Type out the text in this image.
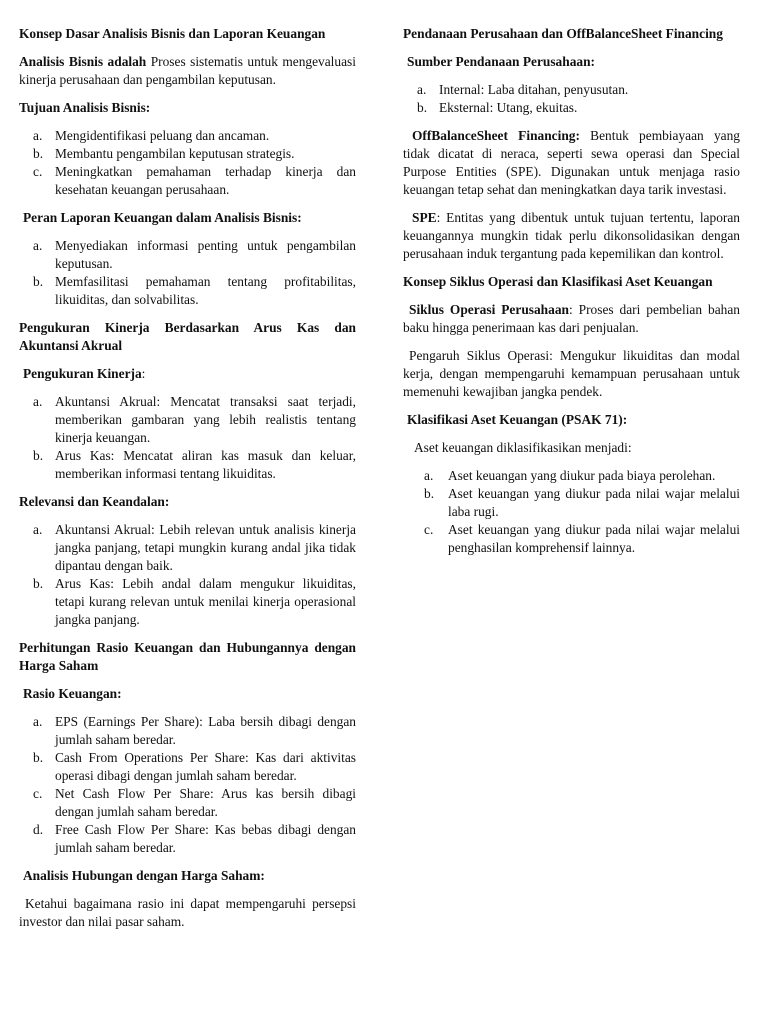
Konsep Dasar Analisis Bisnis dan Laporan Keuangan

Analisis Bisnis adalah Proses sistematis untuk mengevaluasi kinerja perusahaan dan pengambilan keputusan.

Tujuan Analisis Bisnis:
a. Mengidentifikasi peluang dan ancaman.
b. Membantu pengambilan keputusan strategis.
c. Meningkatkan pemahaman terhadap kinerja dan kesehatan keuangan perusahaan.
Peran Laporan Keuangan dalam Analisis Bisnis:
a. Menyediakan informasi penting untuk pengambilan keputusan.
b. Memfasilitasi pemahaman tentang profitabilitas, likuiditas, dan solvabilitas.
Pengukuran Kinerja Berdasarkan Arus Kas dan Akuntansi Akrual

Pengukuran Kinerja:

a. Akuntansi Akrual: Mencatat transaksi saat terjadi, memberikan gambaran yang lebih realistis tentang kinerja keuangan.
b. Arus Kas: Mencatat aliran kas masuk dan keluar, memberikan informasi tentang likuiditas.
Relevansi dan Keandalan:
a. Akuntansi Akrual: Lebih relevan untuk analisis kinerja jangka panjang, tetapi mungkin kurang andal jika tidak dipantau dengan baik.
b. Arus Kas: Lebih andal dalam mengukur likuiditas, tetapi kurang relevan untuk menilai kinerja operasional jangka panjang.
Perhitungan Rasio Keuangan dan Hubungannya dengan Harga Saham
Rasio Keuangan:
a. EPS (Earnings Per Share): Laba bersih dibagi dengan jumlah saham beredar.
b. Cash From Operations Per Share: Kas dari aktivitas operasi dibagi dengan jumlah saham beredar.
c. Net Cash Flow Per Share: Arus kas bersih dibagi dengan jumlah saham beredar.
d. Free Cash Flow Per Share: Kas bebas dibagi dengan jumlah saham beredar.
Analisis Hubungan dengan Harga Saham:

Ketahui bagaimana rasio ini dapat mempengaruhi persepsi investor dan nilai pasar saham.

Pendanaan Perusahaan dan OffBalanceSheet Financing
Sumber Pendanaan Perusahaan:
a. Internal: Laba ditahan, penyusutan.
b. Eksternal: Utang, ekuitas.

OffBalanceSheet Financing: Bentuk pembiayaan yang tidak dicatat di neraca, seperti sewa operasi dan Special Purpose Entities (SPE). Digunakan untuk menjaga rasio keuangan tetap sehat dan meningkatkan daya tarik investasi.

SPE: Entitas yang dibentuk untuk tujuan tertentu, laporan keuangannya mungkin tidak perlu dikonsolidasikan dengan perusahaan induk tergantung pada kepemilikan dan kontrol.

Konsep Siklus Operasi dan Klasifikasi Aset Keuangan

Siklus Operasi Perusahaan: Proses dari pembelian bahan baku hingga penerimaan kas dari penjualan.

Pengaruh Siklus Operasi: Mengukur likuiditas dan modal kerja, dengan mempengaruhi kemampuan perusahaan untuk memenuhi kewajiban jangka pendek.

Klasifikasi Aset Keuangan (PSAK 71):

Aset keuangan diklasifikasikan menjadi:

a. Aset keuangan yang diukur pada biaya perolehan.
b. Aset keuangan yang diukur pada nilai wajar melalui laba rugi.
c. Aset keuangan yang diukur pada nilai wajar melalui penghasilan komprehensif lainnya.
